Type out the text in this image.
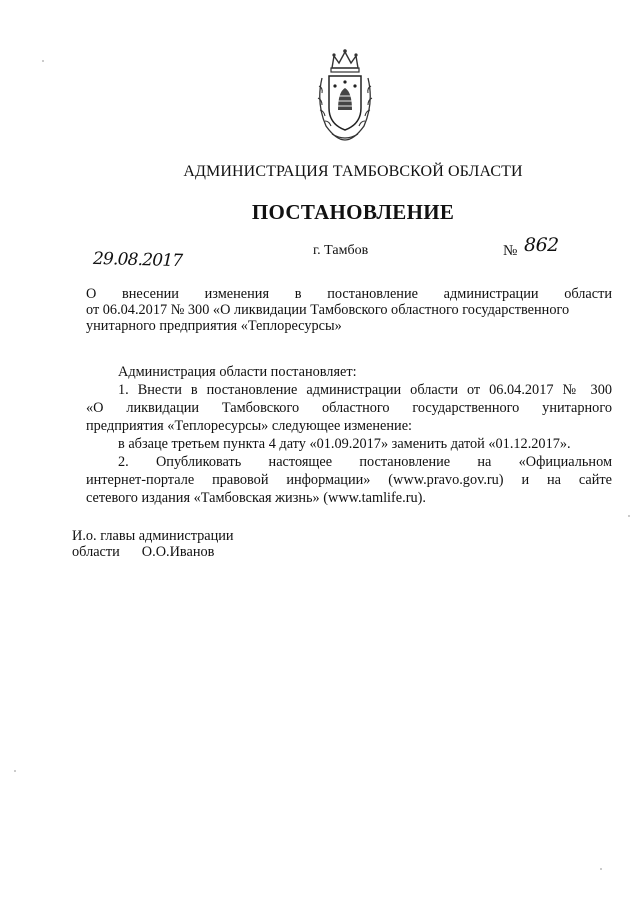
АДМИНИСТРАЦИЯ ТАМБОВСКОЙ ОБЛАСТИ
ПОСТАНОВЛЕНИЕ
29.08.2017	г. Тамбов	№ 862
О внесении изменения в постановление администрации области
от 06.04.2017 № 300 «О ликвидации Тамбовского областного государственного
унитарного предприятия «Теплоресурсы»
Администрация области постановляет:
1. Внести в постановление администрации области от 06.04.2017 № 300
«О ликвидации Тамбовского областного государственного унитарного
предприятия «Теплоресурсы» следующее изменение:
в абзаце третьем пункта 4 дату «01.09.2017» заменить датой «01.12.2017».
2. Опубликовать настоящее постановление на «Официальном
интернет-портале правовой информации» (www.pravo.gov.ru) и на сайте
сетевого издания «Тамбовская жизнь» (www.tamlife.ru).
И.о. главы администрации
области О.О.Иванов
